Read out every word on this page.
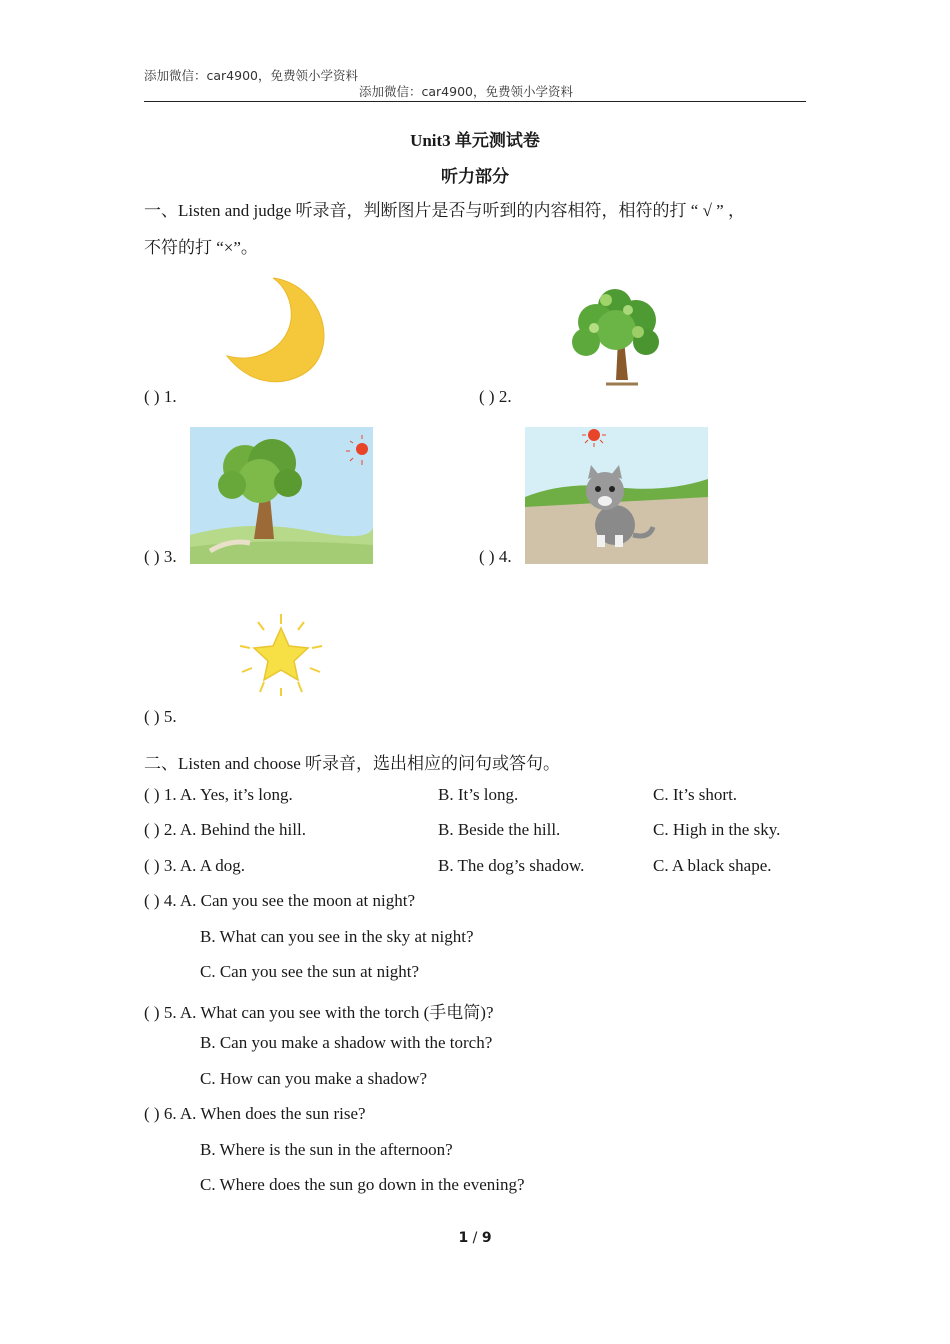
添加微信：car4900，免费领小学资料
添加微信：car4900，免费领小学资料
Unit3 单元测试卷
听力部分
一、Listen and judge 听录音，判断图片是否与听到的内容相符，相符的打 “ √ ” ，
不符的打 “×”。
( ) 1.	( ) 2.
( ) 3.	( ) 4.
( ) 5.
二、Listen and choose 听录音，选出相应的问句或答句。
( ) 1. A. Yes, it’s long.	B. It’s long.	C. It’s short.
( ) 2. A. Behind the hill.	B. Beside the hill.	C. High in the sky.
( ) 3. A. A dog.	B. The dog’s shadow.	C. A black shape.
( ) 4. A. Can you see the moon at night?
B. What can you see in the sky at night?
C. Can you see the sun at night?
( ) 5. A. What can you see with the torch (手电筒)?
B. Can you make a shadow with the torch?
C. How can you make a shadow?
( ) 6. A. When does the sun rise?
B. Where is the sun in the afternoon?
C. Where does the sun go down in the evening?
1 / 9
